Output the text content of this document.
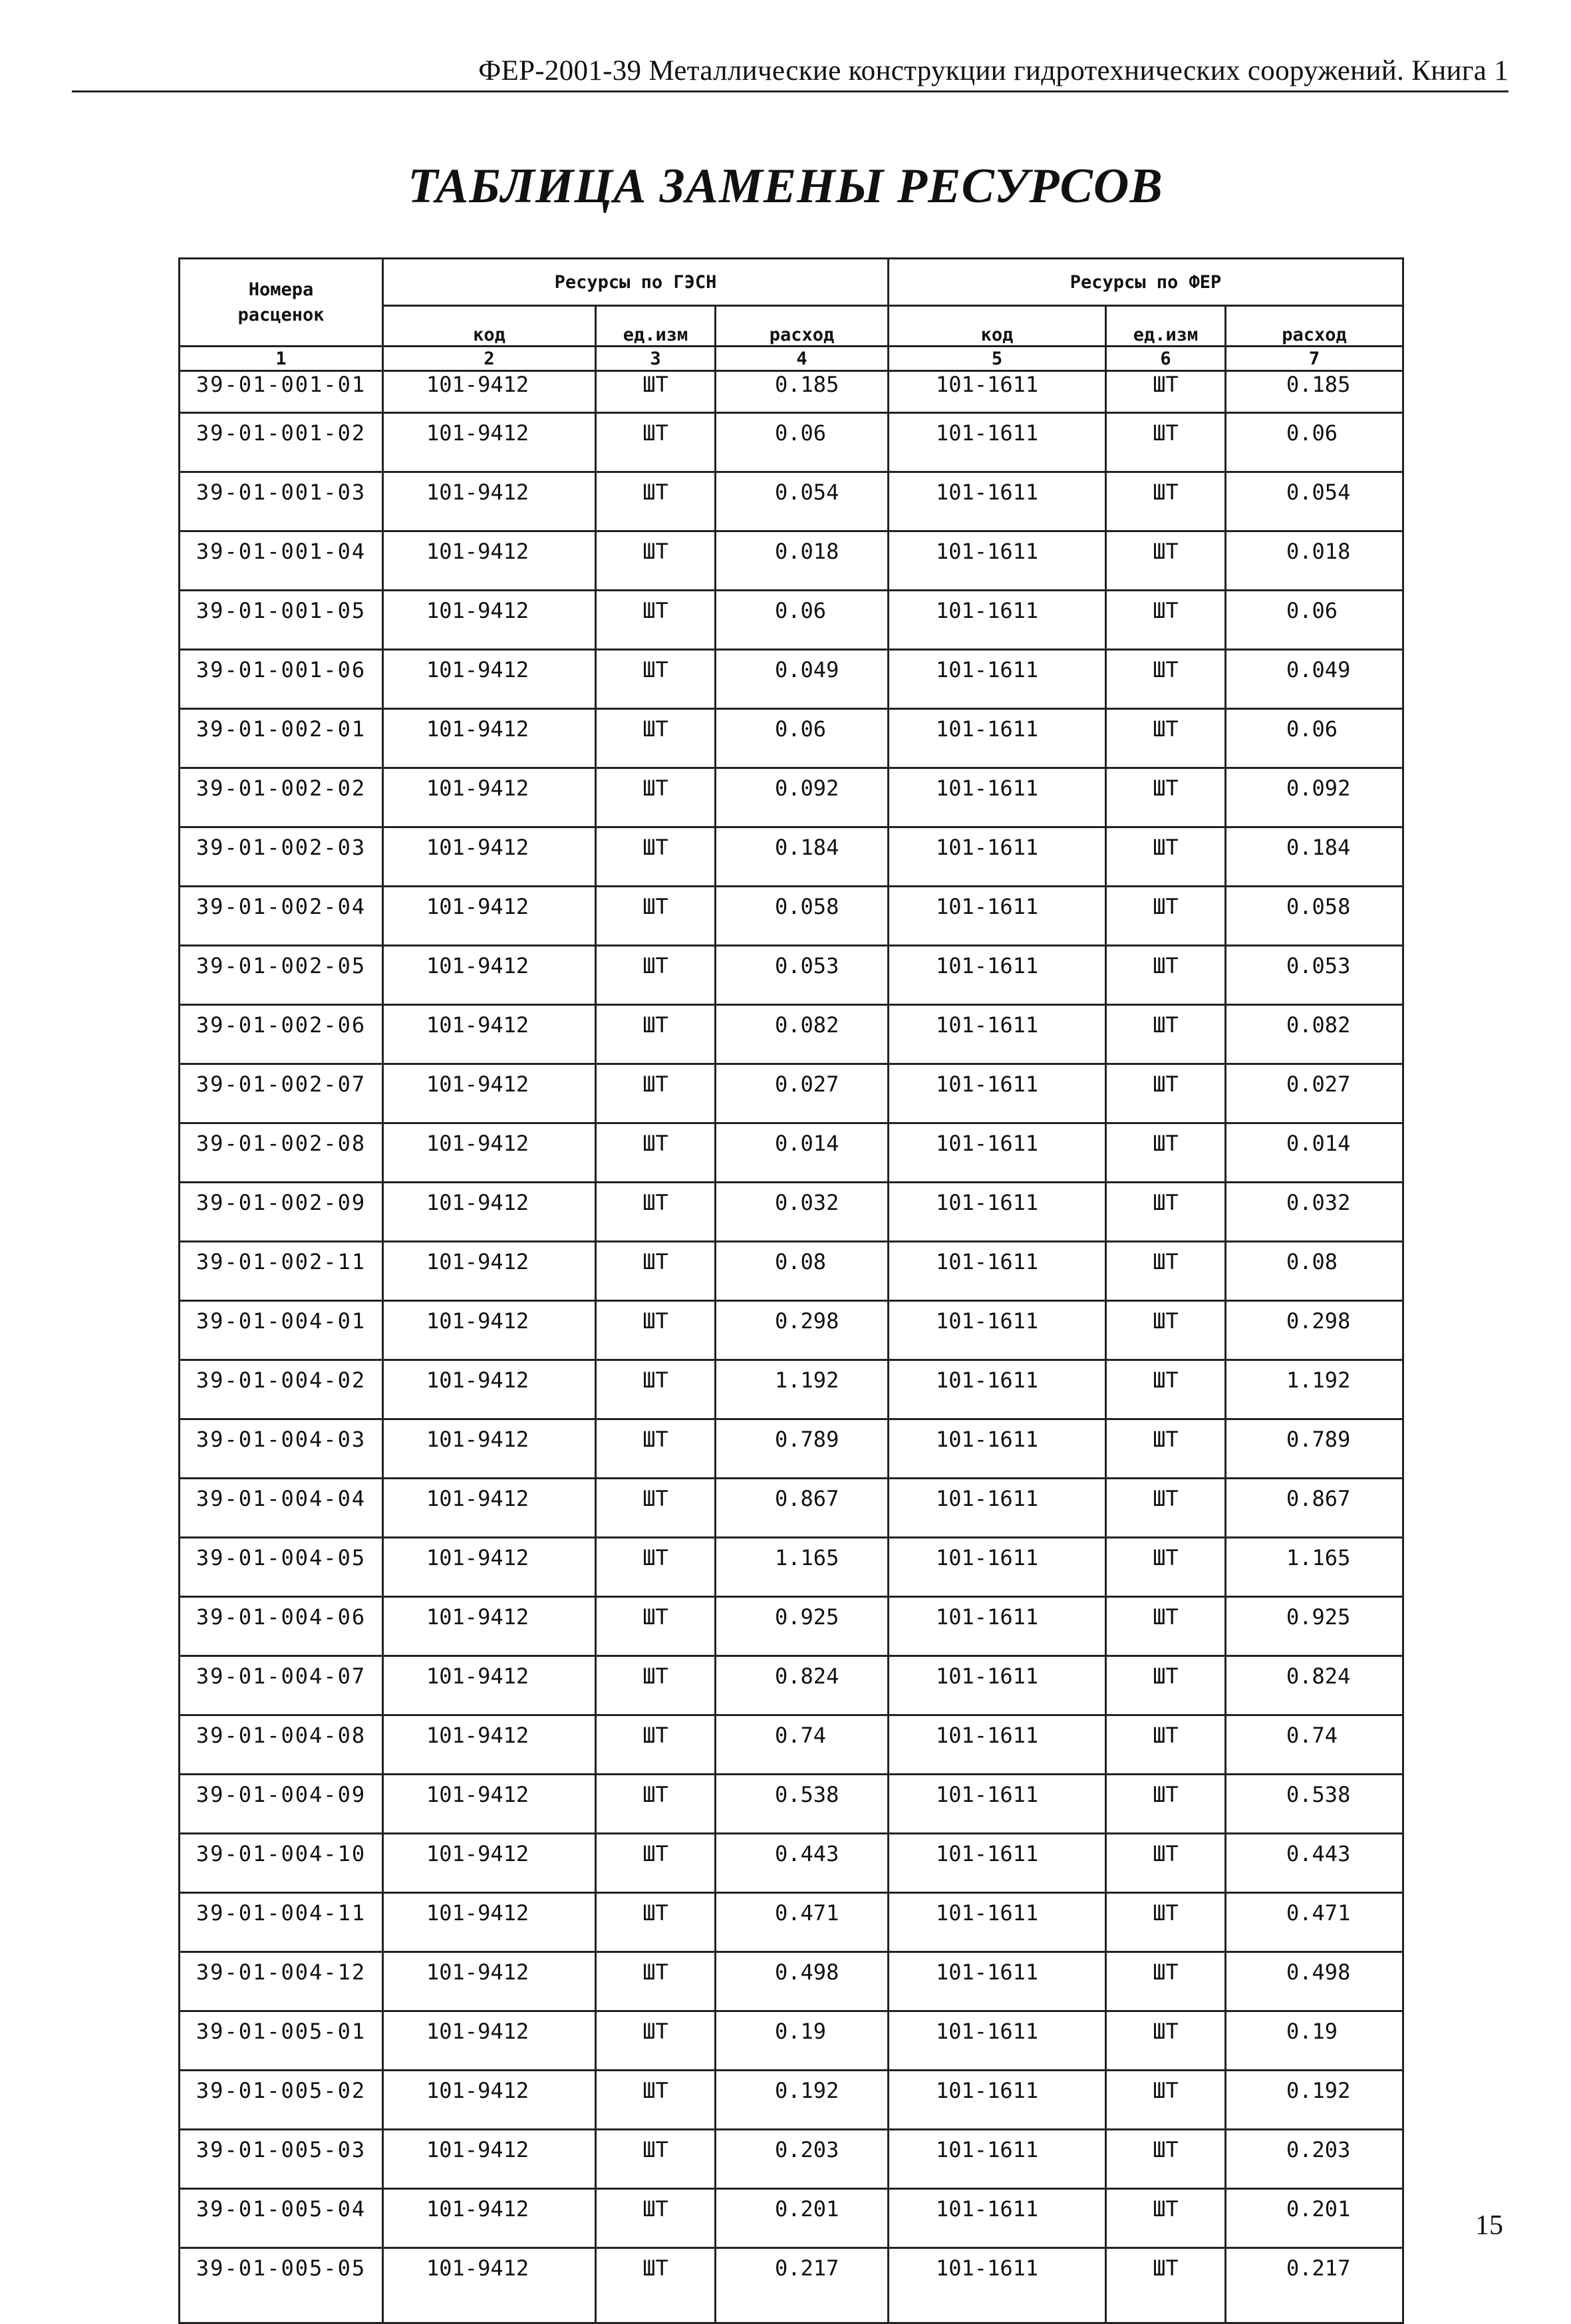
ФЕР-2001-39 Металлические конструкции гидротехнических сооружений. Книга 1
ТАБЛИЦА ЗАМЕНЫ РЕСУРСОВ
Номера расценок	Ресурсы по ГЭСН			Ресурсы по ФЕР		
	код	ед.изм	расход	код	ед.изм	расход
1	2	3	4	5	6	7
39-01-001-01	101-9412	ШТ	0.185	101-1611	ШТ	0.185
39-01-001-02	101-9412	ШТ	0.06	101-1611	ШТ	0.06
39-01-001-03	101-9412	ШТ	0.054	101-1611	ШТ	0.054
39-01-001-04	101-9412	ШТ	0.018	101-1611	ШТ	0.018
39-01-001-05	101-9412	ШТ	0.06	101-1611	ШТ	0.06
39-01-001-06	101-9412	ШТ	0.049	101-1611	ШТ	0.049
39-01-002-01	101-9412	ШТ	0.06	101-1611	ШТ	0.06
39-01-002-02	101-9412	ШТ	0.092	101-1611	ШТ	0.092
39-01-002-03	101-9412	ШТ	0.184	101-1611	ШТ	0.184
39-01-002-04	101-9412	ШТ	0.058	101-1611	ШТ	0.058
39-01-002-05	101-9412	ШТ	0.053	101-1611	ШТ	0.053
39-01-002-06	101-9412	ШТ	0.082	101-1611	ШТ	0.082
39-01-002-07	101-9412	ШТ	0.027	101-1611	ШТ	0.027
39-01-002-08	101-9412	ШТ	0.014	101-1611	ШТ	0.014
39-01-002-09	101-9412	ШТ	0.032	101-1611	ШТ	0.032
39-01-002-11	101-9412	ШТ	0.08	101-1611	ШТ	0.08
39-01-004-01	101-9412	ШТ	0.298	101-1611	ШТ	0.298
39-01-004-02	101-9412	ШТ	1.192	101-1611	ШТ	1.192
39-01-004-03	101-9412	ШТ	0.789	101-1611	ШТ	0.789
39-01-004-04	101-9412	ШТ	0.867	101-1611	ШТ	0.867
39-01-004-05	101-9412	ШТ	1.165	101-1611	ШТ	1.165
39-01-004-06	101-9412	ШТ	0.925	101-1611	ШТ	0.925
39-01-004-07	101-9412	ШТ	0.824	101-1611	ШТ	0.824
39-01-004-08	101-9412	ШТ	0.74	101-1611	ШТ	0.74
39-01-004-09	101-9412	ШТ	0.538	101-1611	ШТ	0.538
39-01-004-10	101-9412	ШТ	0.443	101-1611	ШТ	0.443
39-01-004-11	101-9412	ШТ	0.471	101-1611	ШТ	0.471
39-01-004-12	101-9412	ШТ	0.498	101-1611	ШТ	0.498
39-01-005-01	101-9412	ШТ	0.19	101-1611	ШТ	0.19
39-01-005-02	101-9412	ШТ	0.192	101-1611	ШТ	0.192
39-01-005-03	101-9412	ШТ	0.203	101-1611	ШТ	0.203
39-01-005-04	101-9412	ШТ	0.201	101-1611	ШТ	0.201
39-01-005-05	101-9412	ШТ	0.217	101-1611	ШТ	0.217
15
